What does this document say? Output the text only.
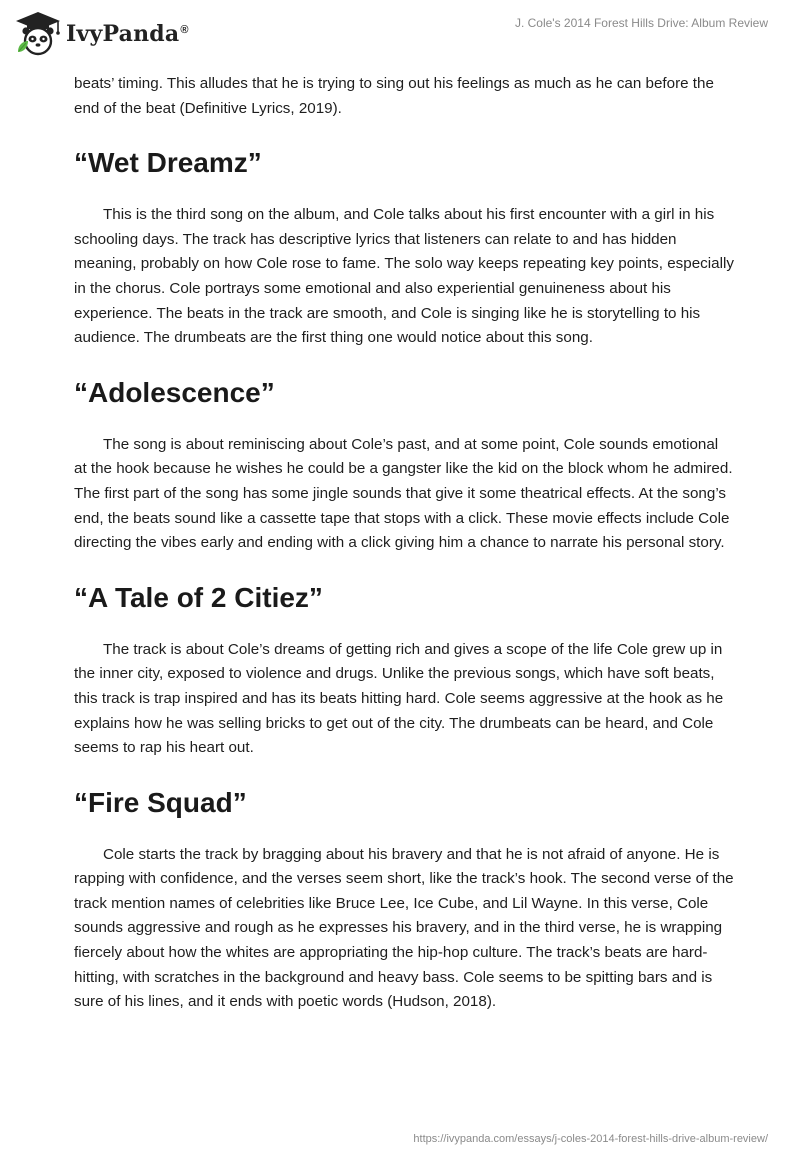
IvyPanda®	J. Cole's 2014 Forest Hills Drive: Album Review

beats’ timing. This alludes that he is trying to sing out his feelings as much as he can before the end of the beat (Definitive Lyrics, 2019).

“Wet Dreamz”

This is the third song on the album, and Cole talks about his first encounter with a girl in his schooling days. The track has descriptive lyrics that listeners can relate to and has hidden meaning, probably on how Cole rose to fame. The solo way keeps repeating key points, especially in the chorus. Cole portrays some emotional and also experiential genuineness about his experience. The beats in the track are smooth, and Cole is singing like he is storytelling to his audience. The drumbeats are the first thing one would notice about this song.

“Adolescence”

The song is about reminiscing about Cole’s past, and at some point, Cole sounds emotional at the hook because he wishes he could be a gangster like the kid on the block whom he admired. The first part of the song has some jingle sounds that give it some theatrical effects. At the song’s end, the beats sound like a cassette tape that stops with a click. These movie effects include Cole directing the vibes early and ending with a click giving him a chance to narrate his personal story.

“A Tale of 2 Citiez”

The track is about Cole’s dreams of getting rich and gives a scope of the life Cole grew up in the inner city, exposed to violence and drugs. Unlike the previous songs, which have soft beats, this track is trap inspired and has its beats hitting hard. Cole seems aggressive at the hook as he explains how he was selling bricks to get out of the city. The drumbeats can be heard, and Cole seems to rap his heart out.

“Fire Squad”

Cole starts the track by bragging about his bravery and that he is not afraid of anyone. He is rapping with confidence, and the verses seem short, like the track’s hook. The second verse of the track mention names of celebrities like Bruce Lee, Ice Cube, and Lil Wayne. In this verse, Cole sounds aggressive and rough as he expresses his bravery, and in the third verse, he is wrapping fiercely about how the whites are appropriating the hip-hop culture. The track’s beats are hard-hitting, with scratches in the background and heavy bass. Cole seems to be spitting bars and is sure of his lines, and it ends with poetic words (Hudson, 2018).

https://ivypanda.com/essays/j-coles-2014-forest-hills-drive-album-review/
